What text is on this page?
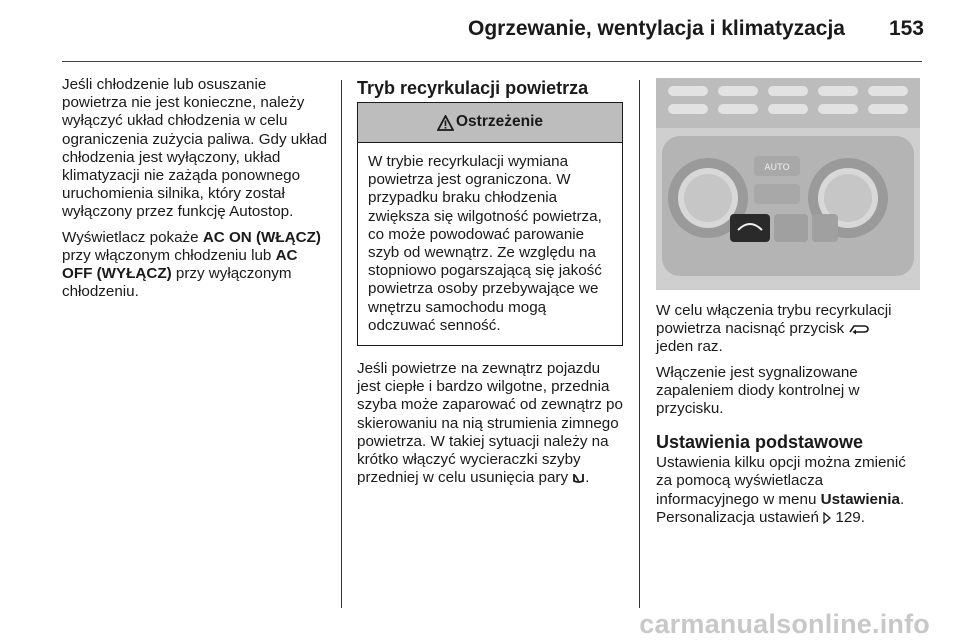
Ogrzewanie, wentylacja i klimatyzacja 153

Jeśli chłodzenie lub osuszanie powietrza nie jest konieczne, należy wyłączyć układ chłodzenia w celu ograniczenia zużycia paliwa. Gdy układ chłodzenia jest wyłączony, układ klimatyzacji nie zażąda ponownego uruchomienia silnika, który został wyłączony przez funkcję Autostop.

Wyświetlacz pokaże AC ON (WŁĄCZ) przy włączonym chłodzeniu lub AC OFF (WYŁĄCZ) przy wyłączonym chłodzeniu.

Tryb recyrkulacji powietrza
Ostrzeżenie
W trybie recyrkulacji wymiana powietrza jest ograniczona. W przypadku braku chłodzenia zwiększa się wilgotność powietrza, co może powodować parowanie szyb od wewnątrz. Ze względu na stopniowo pogarszającą się jakość powietrza osoby przebywające we wnętrzu samochodu mogą odczuwać senność.

Jeśli powietrze na zewnątrz pojazdu jest ciepłe i bardzo wilgotne, przednia szyba może zaparować od zewnątrz po skierowaniu na nią strumienia zimnego powietrza. W takiej sytuacji należy na krótko włączyć wycieraczki szyby przedniej w celu usunięcia pary .

AUTO

W celu włączenia trybu recyrkulacji powietrza nacisnąć przycisk
jeden raz.

Włączenie jest sygnalizowane zapaleniem diody kontrolnej w przycisku.

Ustawienia podstawowe

Ustawienia kilku opcji można zmienić za pomocą wyświetlacza informacyjnego w menu Ustawienia. Personalizacja ustawień  129.

carmanualsonline.info
